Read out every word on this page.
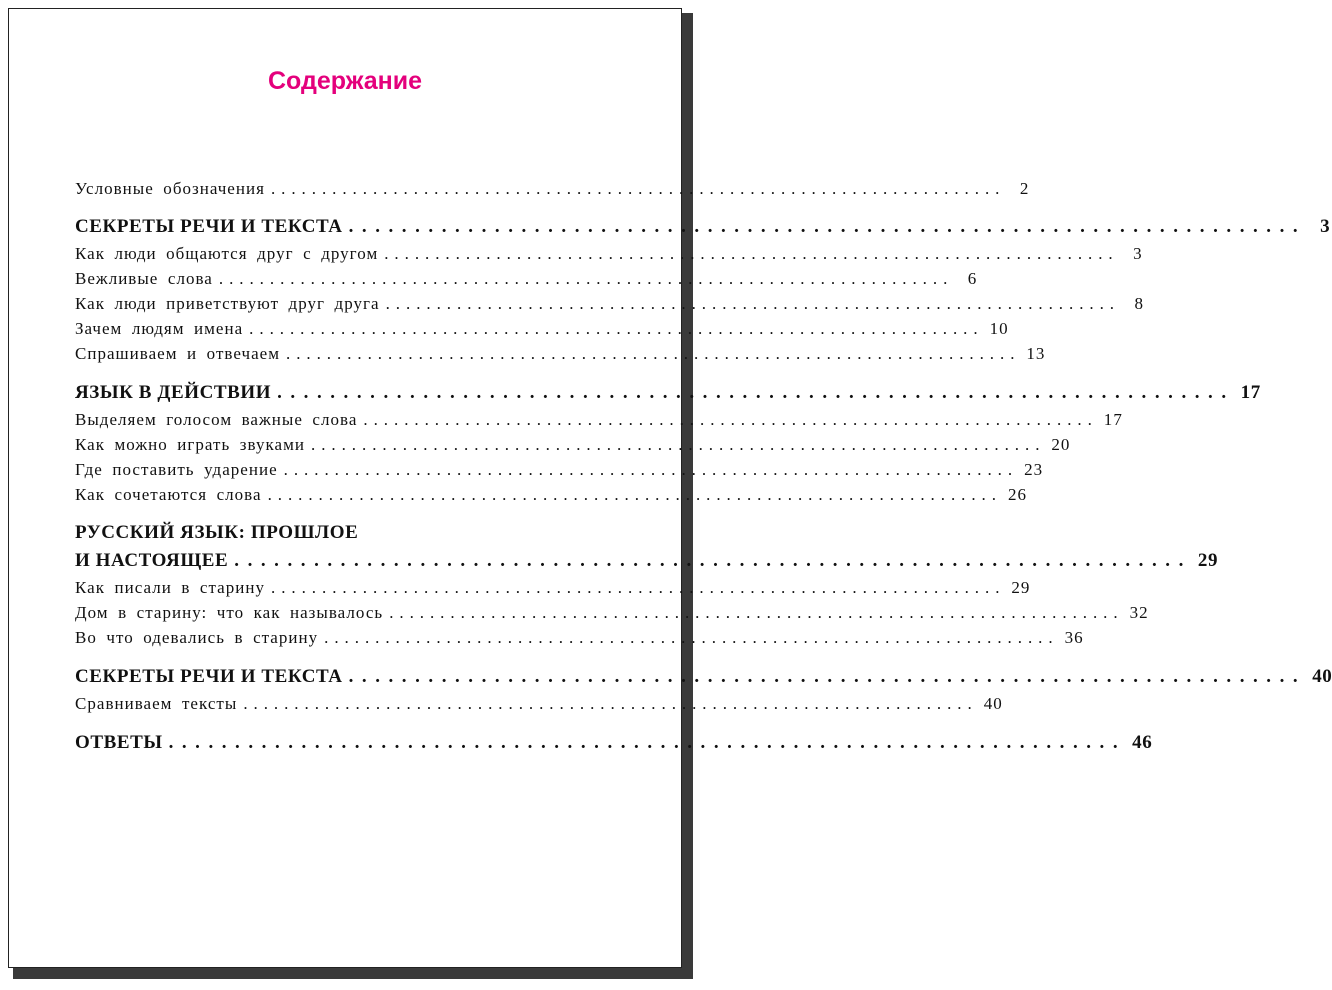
Содержание
Условные обозначения ........................................................................ 2
СЕКРЕТЫ РЕЧИ И ТЕКСТА ........................................................................ 3
Как люди общаются друг с другом ........................................................................ 3
Вежливые слова ........................................................................ 6
Как люди приветствуют друг друга ........................................................................ 8
Зачем людям имена ........................................................................ 10
Спрашиваем и отвечаем ........................................................................ 13
ЯЗЫК В ДЕЙСТВИИ ........................................................................ 17
Выделяем голосом важные слова ........................................................................ 17
Как можно играть звуками ........................................................................ 20
Где поставить ударение ........................................................................ 23
Как сочетаются слова ........................................................................ 26
РУССКИЙ ЯЗЫК: ПРОШЛОЕ
И НАСТОЯЩЕЕ ........................................................................ 29
Как писали в старину ........................................................................ 29
Дом в старину: что как называлось ........................................................................ 32
Во что одевались в старину ........................................................................ 36
СЕКРЕТЫ РЕЧИ И ТЕКСТА ........................................................................ 40
Сравниваем тексты ........................................................................ 40
ОТВЕТЫ ........................................................................ 46
